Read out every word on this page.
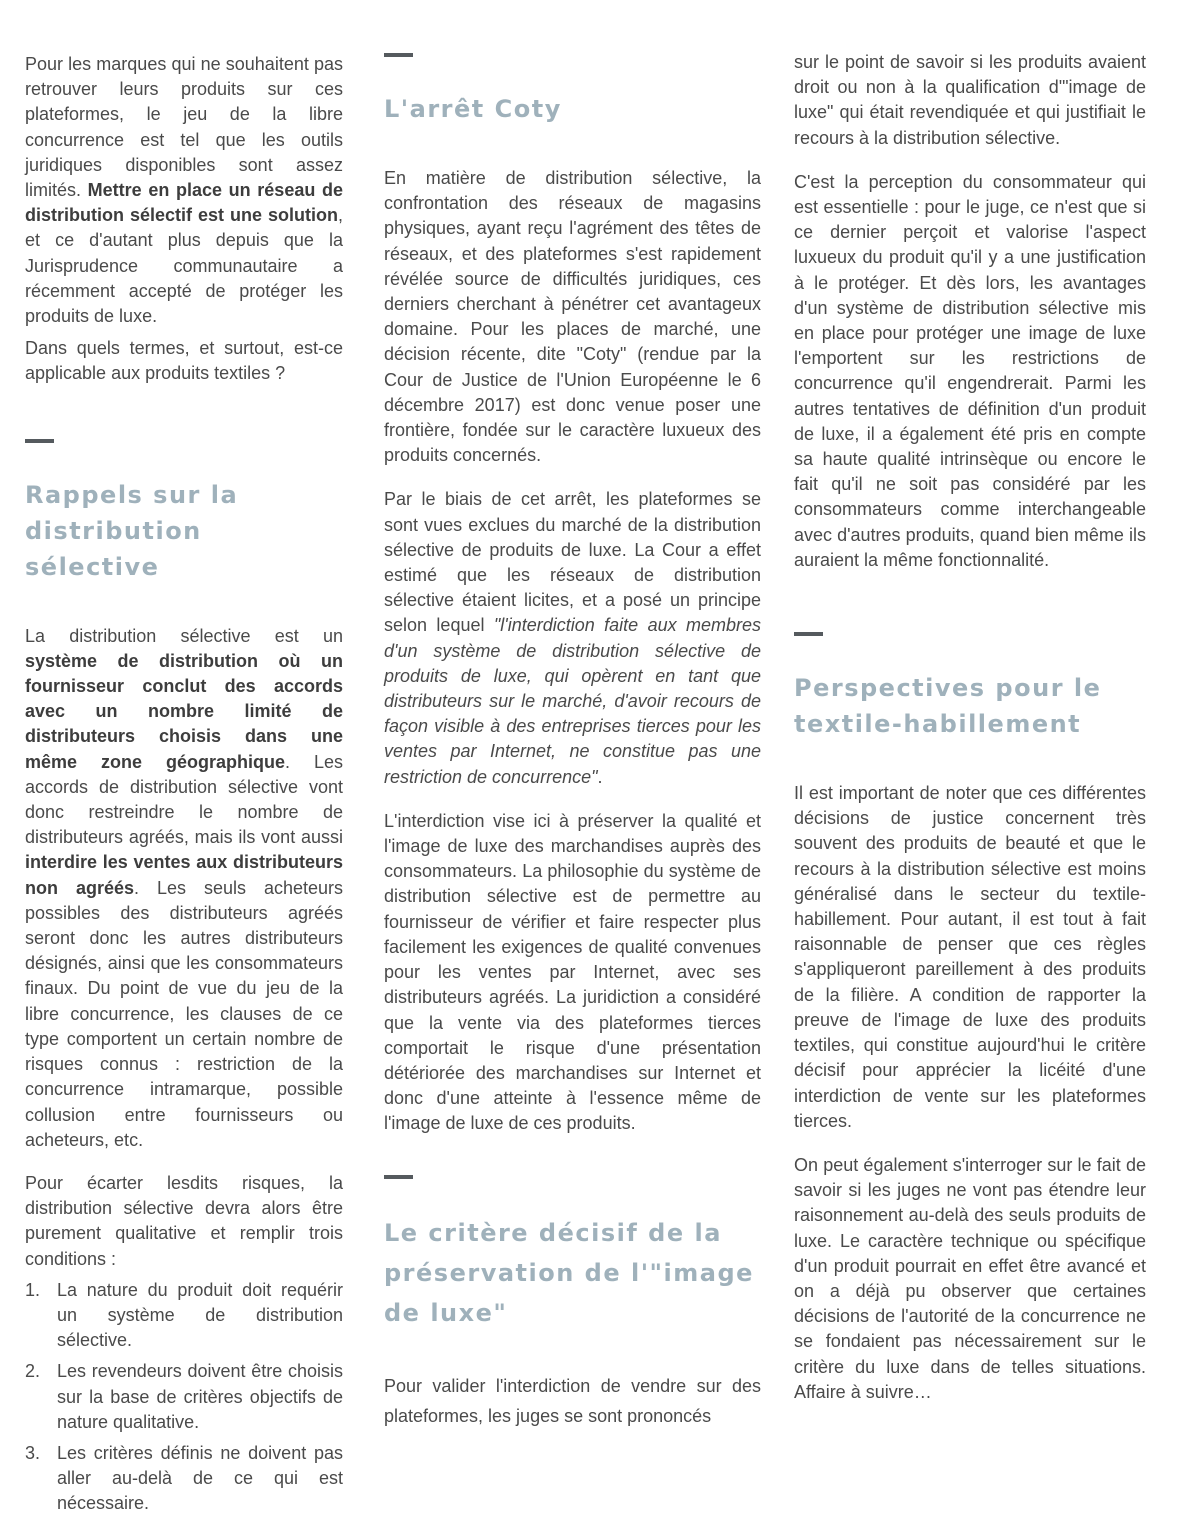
Pour les marques qui ne souhaitent pas retrouver leurs produits sur ces plateformes, le jeu de la libre concurrence est tel que les outils juridiques disponibles sont assez limités. Mettre en place un réseau de distribution sélectif est une solution, et ce d'autant plus depuis que la Jurisprudence communautaire a récemment accepté de protéger les produits de luxe.

Dans quels termes, et surtout, est-ce applicable aux produits textiles ?

Rappels sur la distribution sélective

La distribution sélective est un système de distribution où un fournisseur conclut des accords avec un nombre limité de distributeurs choisis dans une même zone géographique. Les accords de distribution sélective vont donc restreindre le nombre de distributeurs agréés, mais ils vont aussi interdire les ventes aux distributeurs non agréés. Les seuls acheteurs possibles des distributeurs agréés seront donc les autres distributeurs désignés, ainsi que les consommateurs finaux. Du point de vue du jeu de la libre concurrence, les clauses de ce type comportent un certain nombre de risques connus : restriction de la concurrence intramarque, possible collusion entre fournisseurs ou acheteurs, etc.

Pour écarter lesdits risques, la distribution sélective devra alors être purement qualitative et remplir trois conditions :

1. La nature du produit doit requérir un système de distribution sélective.
2. Les revendeurs doivent être choisis sur la base de critères objectifs de nature qualitative.
3. Les critères définis ne doivent pas aller au-delà de ce qui est nécessaire.
L'arrêt Coty

En matière de distribution sélective, la confrontation des réseaux de magasins physiques, ayant reçu l'agrément des têtes de réseaux, et des plateformes s'est rapidement révélée source de difficultés juridiques, ces derniers cherchant à pénétrer cet avantageux domaine. Pour les places de marché, une décision récente, dite "Coty" (rendue par la Cour de Justice de l'Union Européenne le 6 décembre 2017) est donc venue poser une frontière, fondée sur le caractère luxueux des produits concernés.

Par le biais de cet arrêt, les plateformes se sont vues exclues du marché de la distribution sélective de produits de luxe. La Cour a effet estimé que les réseaux de distribution sélective étaient licites, et a posé un principe selon lequel "l'interdiction faite aux membres d'un système de distribution sélective de produits de luxe, qui opèrent en tant que distributeurs sur le marché, d'avoir recours de façon visible à des entreprises tierces pour les ventes par Internet, ne constitue pas une restriction de concurrence".

L'interdiction vise ici à préserver la qualité et l'image de luxe des marchandises auprès des consommateurs. La philosophie du système de distribution sélective est de permettre au fournisseur de vérifier et faire respecter plus facilement les exigences de qualité convenues pour les ventes par Internet, avec ses distributeurs agréés. La juridiction a considéré que la vente via des plateformes tierces comportait le risque d'une présentation détériorée des marchandises sur Internet et donc d'une atteinte à l'essence même de l'image de luxe de ces produits.

Le critère décisif de la préservation de l'"image de luxe"

Pour valider l'interdiction de vendre sur des plateformes, les juges se sont prononcés

sur le point de savoir si les produits avaient droit ou non à la qualification d'"image de luxe" qui était revendiquée et qui justifiait le recours à la distribution sélective.

C'est la perception du consommateur qui est essentielle : pour le juge, ce n'est que si ce dernier perçoit et valorise l'aspect luxueux du produit qu'il y a une justification à le protéger. Et dès lors, les avantages d'un système de distribution sélective mis en place pour protéger une image de luxe l'emportent sur les restrictions de concurrence qu'il engendrerait. Parmi les autres tentatives de définition d'un produit de luxe, il a également été pris en compte sa haute qualité intrinsèque ou encore le fait qu'il ne soit pas considéré par les consommateurs comme interchangeable avec d'autres produits, quand bien même ils auraient la même fonctionnalité.

Perspectives pour le textile-habillement

Il est important de noter que ces différentes décisions de justice concernent très souvent des produits de beauté et que le recours à la distribution sélective est moins généralisé dans le secteur du textile-habillement. Pour autant, il est tout à fait raisonnable de penser que ces règles s'appliqueront pareillement à des produits de la filière. A condition de rapporter la preuve de l'image de luxe des produits textiles, qui constitue aujourd'hui le critère décisif pour apprécier la licéité d'une interdiction de vente sur les plateformes tierces.

On peut également s'interroger sur le fait de savoir si les juges ne vont pas étendre leur raisonnement au-delà des seuls produits de luxe. Le caractère technique ou spécifique d'un produit pourrait en effet être avancé et on a déjà pu observer que certaines décisions de l'autorité de la concurrence ne se fondaient pas nécessairement sur le critère du luxe dans de telles situations. Affaire à suivre…
